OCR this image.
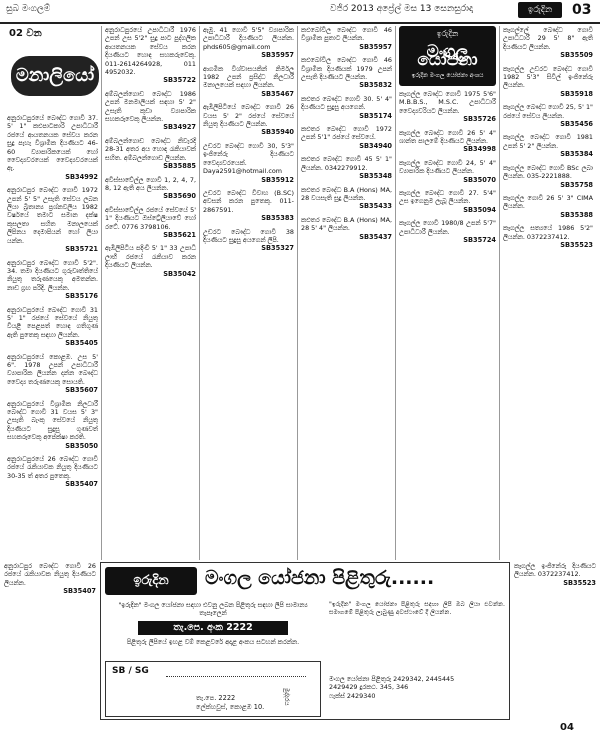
සුබ මංගලම්	වජිර 2013 අප්‍රේල් මස 13 සෙනසුරාදා	ඉරුදින	03
02 වන
මනාලියෝ
අනුරාධපුරයේ බෞද්ධ ගොවි 37. 5' 1" කළුපාටකාරි උපාධිධාරී රජයේ ආයතනයක සේවය කරන සුදු පැහැ විශ්‍රාමික දියණියට 46-60 ව්‍යාපාරිකයෙක් හෝ වෛද්‍යවරයෙක් වෛද්‍යවරයෙක් ඇ.
SB34992
අනුරාධපුර බෞද්ධ ගොවි 1972 උපන් 5' 5" උසැති සේවය ලබන ලියා බ්‍රිතාන්‍ය ප්‍රශ්නවලිය 1982 වර්ෂයේ තමාට සමාන දක්ෂ කුසලතා සහිත මනාලයෙක් ලිපිනය දෙමාපියන් හෝ ලියා යන්න.
SB35721
අනුරාධපුර බෞද්ධ ගොවි 5'2". 34. තමා දියණියට ගුරුවෘත්තියේ නියුතු තරුණයෙකු අමතන්න. නාඩ ග්‍රහ පරිදි. ලියන්න.
SB35176
අනුරාධපුරයේ බෞද්ධ ගොවි 31 5' 1" රජයේ සේවයේ නියුතු වියළී පෙළපත් හොඳ ගතිගුණ ඇති පුතෙකු සඳහා ලියන්න.
SB35405
අනුරාධපුරයේ කොළඹ. උස 5' 6". 1978 උපන් උපාධිධාරී ව්‍යාපාරික ලියන්න දන්න බෞද්ධ වෛද්‍ය තරුණයෙකු සොයති.
SB35607
අනුරාධපුරයේ විශ්‍රාමික නිලධාරී බෞද්ධ ගොවි 31 වයස 5' 3" උසැති බැංකු සේවයේ නියුතු දියණියට සුදුසු ගුණවත් සහකරුවෙකු අපේක්ෂා කරති.
SB35050
අනුරාධපුරයේ 26 බෞද්ධ ගොවි රජයේ රැකියාවක නියුතු දියණියට 30-35 ත් අතර පුතෙකු.
SB35407
අනුරාධපුරයේ උපාධිධාරී 1976 උපන් උස 5'2" සුදු පාට පුද්ගලික ආයතනයක සේවය කරන දියණියට හොඳ සහකරුවෙකු. 011-2614264928, 011 4952032.
SB35722
අම්බලන්ගොඩ බෞද්ධ 1986 උපන් මනමාලියක් සඳහා 5' 2" උසැති කුඩා ව්‍යාපාරික සහකරුවෙකු ලියන්න.
SB34927
අම්බලන්ගොඩ බෞද්ධ නිවැරදි 28-31 අතර අය හොඳ රැකියාවක් සහිත. අම්බලන්ගොඩ ලියන්න.
SB35885
අවිස්සාවේල්ල ගොවි 1, 2, 4, 7, 8, 12 ඇති අය ලියන්න.
SB35690
අවිස්සාවේල්ල රජයේ සේවයේ 5' 1" දියණියට ඔස්ට්‍රේලියාවේ හෝ රටේ. 0776 3798106.
SB35621
ඇඹිලිපිටිය පදිංචි 5' 1" 33 උපාධි ලාභී රජයේ රැකියාව කරන දියණියට ලියන්න.
SB35042
ඇඹු. 41 ගොවි 5'5" ව්‍යාපාරික උපාධිධාරී දියණියට ලියන්න. phds605@gmail.com
SB35957
ආගමික විශ්වාසයකින් නිර්මල 1982 උපන් ප්‍රසිද්ධ නිලධාරී මනාලයෙක් සඳහා ලියන්න.
SB35467
ඇඹිලිපිටියේ බෞද්ධ ගොවි 26 වයස 5' 2" රජයේ සේවයේ නියුතු දියණියට ලියන්න.
SB35940
උඩරට බෞද්ධ ගොවි 30, 5'3" ඉංජිනේරු දියණියට වෛද්‍යවරයෙක්. Daya2591@hotmail.com
SB35912
උඩරට බෞද්ධ විවාහ (B.SC) අවසන් කරන පුතෙකු. 011-2867591.
SB35383
උඩරට බෞද්ධ ගොවි 38 දියණියට සුදුසු අයගෙන් ලිපි.
SB35327
කළුබෝවිල බෞද්ධ ගොවි 46 විශ්‍රාමික පුතාට ලියන්න.
SB35957
කළුබෝවිල බෞද්ධ ගොවි 46 විශ්‍රාමික දියණියක් 1979 උපන් උසැති දියණියට ලියන්න.
SB35832
කළුතර බෞද්ධ ගොවි 30. 5' 4" දියණියට සුදුසු අයගෙන්.
SB35174
කළුතර බෞද්ධ ගොවි 1972 උපන් 5'1" රජයේ සේවයේ.
SB34940
කළුතර බෞද්ධ ගොවි 45 5' 1" ලියන්න. 0342279912.
SB35348
කළුතර බෞද්ධ B.A (Hons) MA, 28 වයසැති සුදු ලියන්න.
SB35433
කළුතර බෞද්ධ B.A (Hons) MA, 28 5' 4" ලියන්න.
SB35437
ඉරුදින
මංගල යෝජනා
ඉරුදින මංගල යෝජනා අංශය
කෑගල්ල බෞද්ධ ගොවි 1975 5'6" M.B.B.S., M.S.C. උපාධිධාරී වෛද්‍යවරියට ලියන්න.
SB35726
කෑගල්ල බෞද්ධ ගොවි 26 5' 4" ශාන්ත පාලමේ දියණියට ලියන්න.
SB34998
කෑගල්ල බෞද්ධ ගොවි 24, 5' 4" ව්‍යාපාරික දියණියට ලියන්න.
SB35070
කෑගල්ල බෞද්ධ ගොවි 27. 5'4" උස ඉගෙනුම ලැබූ ලියන්න.
SB35094
කෑගල්ල ගොවි 1980/8 උපන් 5'7" උපාධිධාරී ලියන්න.
SB35724
කෑගල්ලේ බෞද්ධ ගොවි උපාධිධාරී 29 5' 8" ඇති දියණියට ලියන්න.
SB35509
කෑගල්ල උඩරට බෞද්ධ ගොවි 1982 5'3" සිවිල් ඉංජිනේරු ලියන්න.
SB35918
කෑගල්ල බෞද්ධ ගොවි 25, 5' 1" රජයේ සේවය ලියන්න.
SB35456
කෑගල්ල බෞද්ධ ගොවි 1981 උපන් 5' 2" ලියන්න.
SB35384
කෑගල්ල බෞද්ධ ගොවි BSc ලබා ලියන්න. 035-2221888.
SB35758
කෑගල්ල ගොවි 26 5' 3" CIMA ලියන්න.
SB35388
කෑගල්ල සත්‍යයේ 1986 5'2" ලියන්න. 0372237412.
SB35523
අනුරාධපුර බෞද්ධ ගොවි 26 රජයේ රැකියාවක නියුතු දියණියට ලියන්න.
SB35407
ඉරුදින	මංගල යෝජනා පිළිතුරු......
"ඉරුදින" මංගල යෝජනා සඳහා එවනු ලබන පිළිතුරු සඳහා ලිපි සාමාන්‍ය තැපෑලෙන්
තැ.පෙ. අංක 2222
පිළිතුරු ලිපියේ ඉහළ වම් කෙළවරේ අදාළ අංකය සටහන් කරන්න.
SB / SG
තැ.පෙ. 2222
ලේක්හවුස්, කොළඹ 10.
මුද්දරය
"ඉරුදින" මංගල යෝජනා පිළිතුරු සඳහා ලිපි ඔබ ලියා එවන්න. සමාගමේ පිළිතුරු ලැබුණු අවස්ථාවේ දී ලියන්න.
මංගල යෝජනා පිළිතුරු 2429342, 2445445
2429429 දුරකථ. 345, 346
ෆැක්ස් 2429340
කෑගල්ල ඉංජිනේරු දියණියට ලියන්න. 0372237412.
SB35523
04
